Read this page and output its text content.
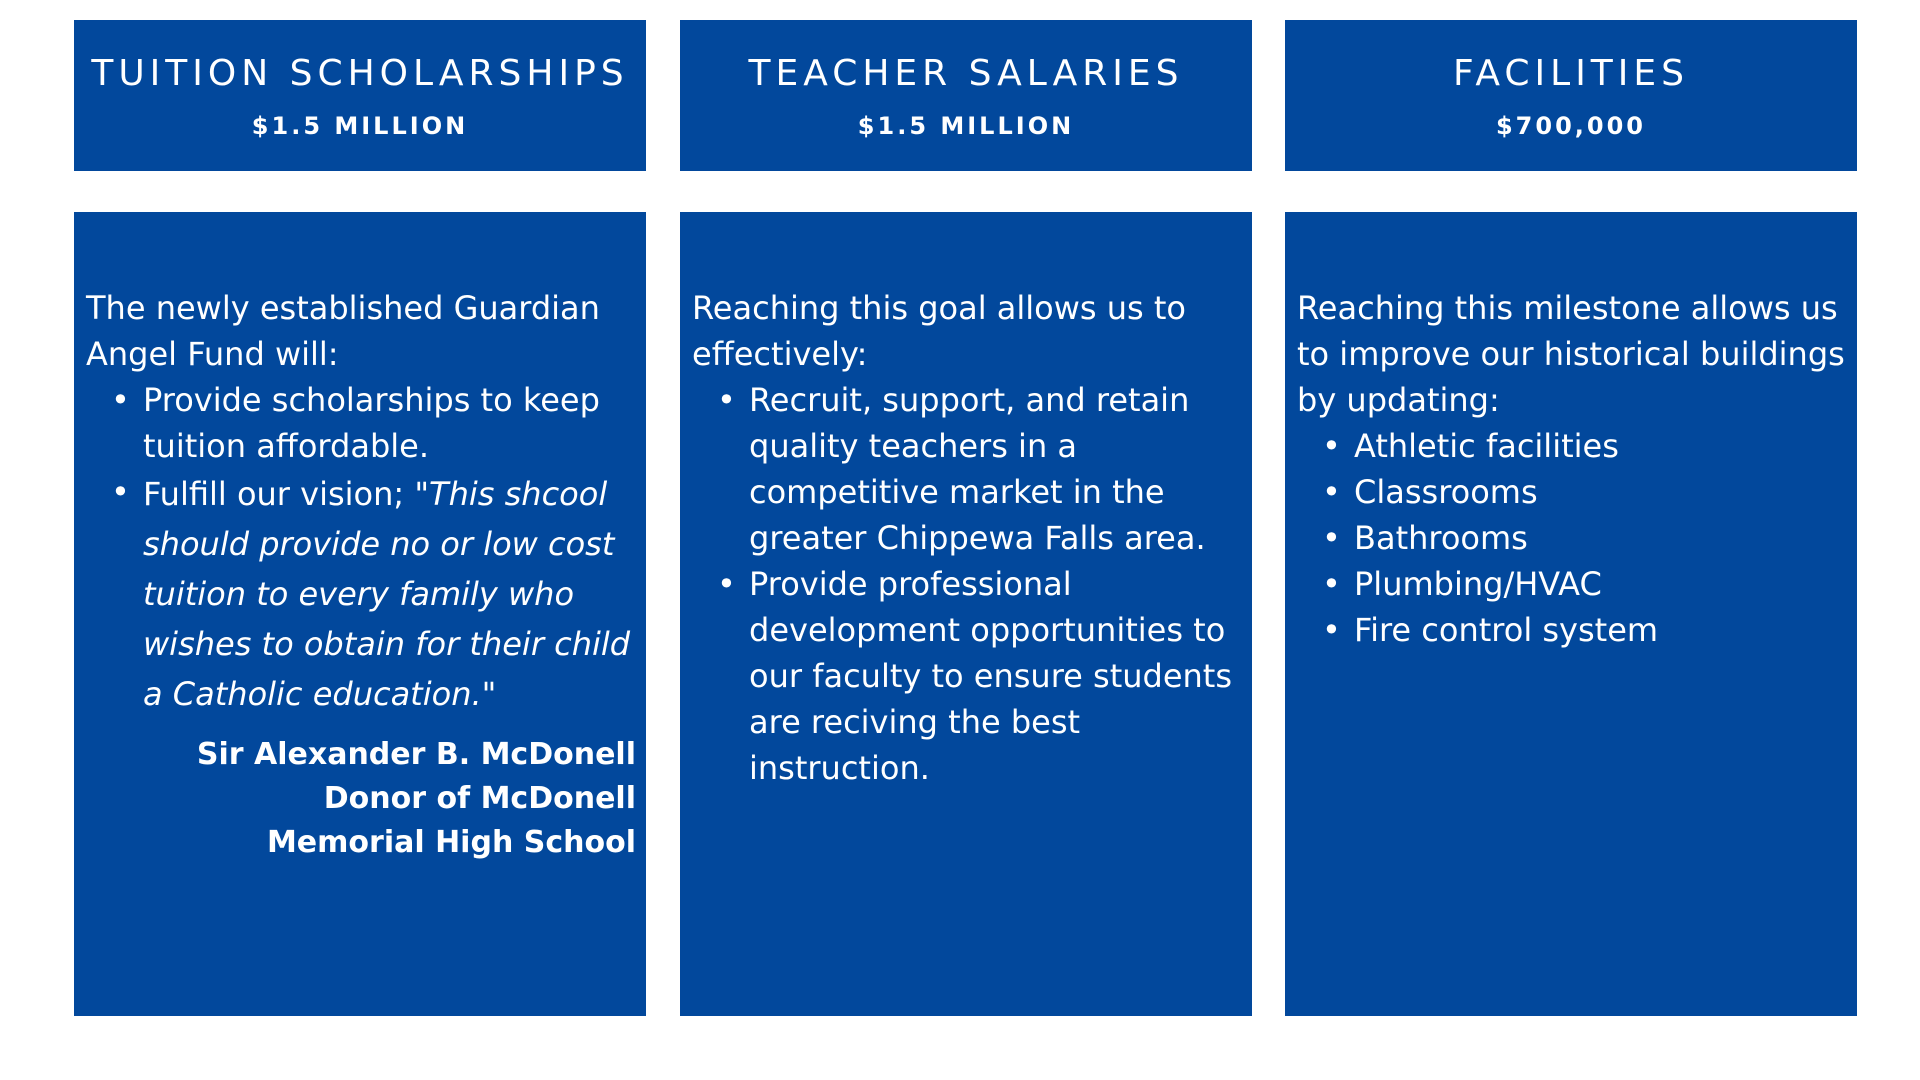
TUITION SCHOLARSHIPS
$1.5 MILLION

The newly established Guardian Angel Fund will:

• Provide scholarships to keep tuition affordable.
• Fulfill our vision; "This shcool should provide no or low cost tuition to every family who wishes to obtain for their child a Catholic education."
Sir Alexander B. McDonell
Donor of McDonell
Memorial High School
TEACHER SALARIES
$1.5 MILLION

Reaching this goal allows us to effectively:

• Recruit, support, and retain quality teachers in a competitive market in the greater Chippewa Falls area.
• Provide professional development opportunities to our faculty to ensure students are reciving the best instruction.
FACILITIES
$700,000

Reaching this milestone allows us to improve our historical buildings by updating:

• Athletic facilities
• Classrooms
• Bathrooms
• Plumbing/HVAC
• Fire control system
